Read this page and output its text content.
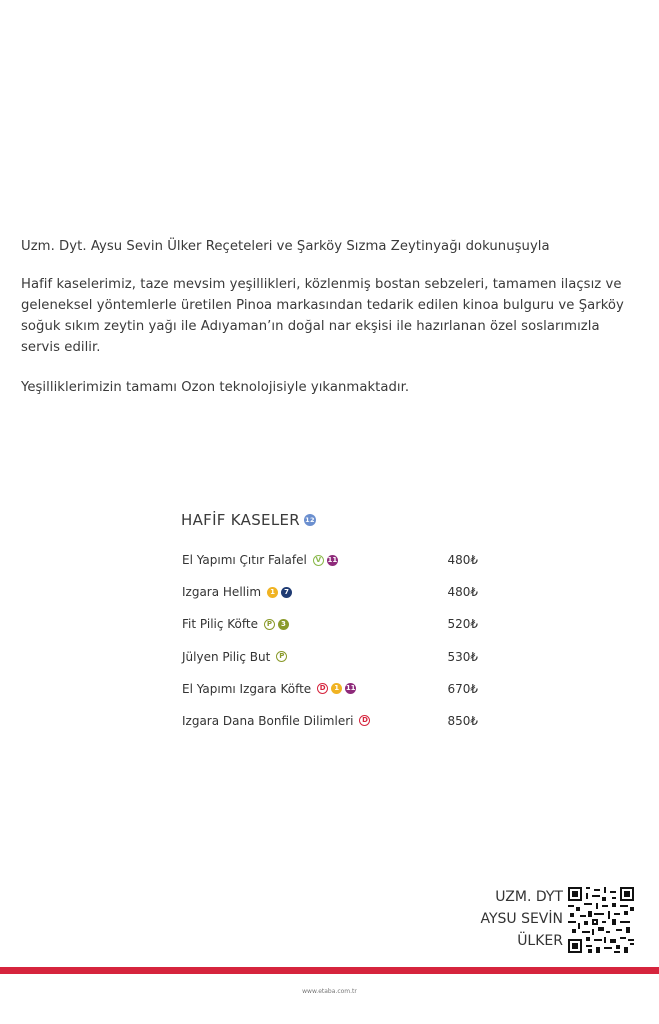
Uzm. Dyt. Aysu Sevin Ülker Reçeteleri ve Şarköy Sızma Zeytinyağı dokunuşuyla

Hafif kaselerimiz, taze mevsim yeşillikleri, közlenmiş bostan sebzeleri, tamamen ilaçsız ve geleneksel yöntemlerle üretilen Pinoa markasından tedarik edilen kinoa bulguru ve Şarköy soğuk sıkım zeytin yağı ile Adıyaman’ın doğal nar ekşisi ile hazırlanan özel soslarımızla servis edilir.

Yeşilliklerimizin tamamı Ozon teknolojisiyle yıkanmaktadır.

HAFİF KASELER 12
El Yapımı Çıtır Falafel	V 11	480₺
Izgara Hellim	1	7	480₺
Fit Piliç Köfte	P	3	520₺
Jülyen Piliç But	P	530₺
El Yapımı Izgara Köfte	D	1 11	670₺
Izgara Dana Bonfile Dilimleri	D	850₺
UZM. DYT
AYSU SEVİN
ÜLKER
www.etaba.com.tr
